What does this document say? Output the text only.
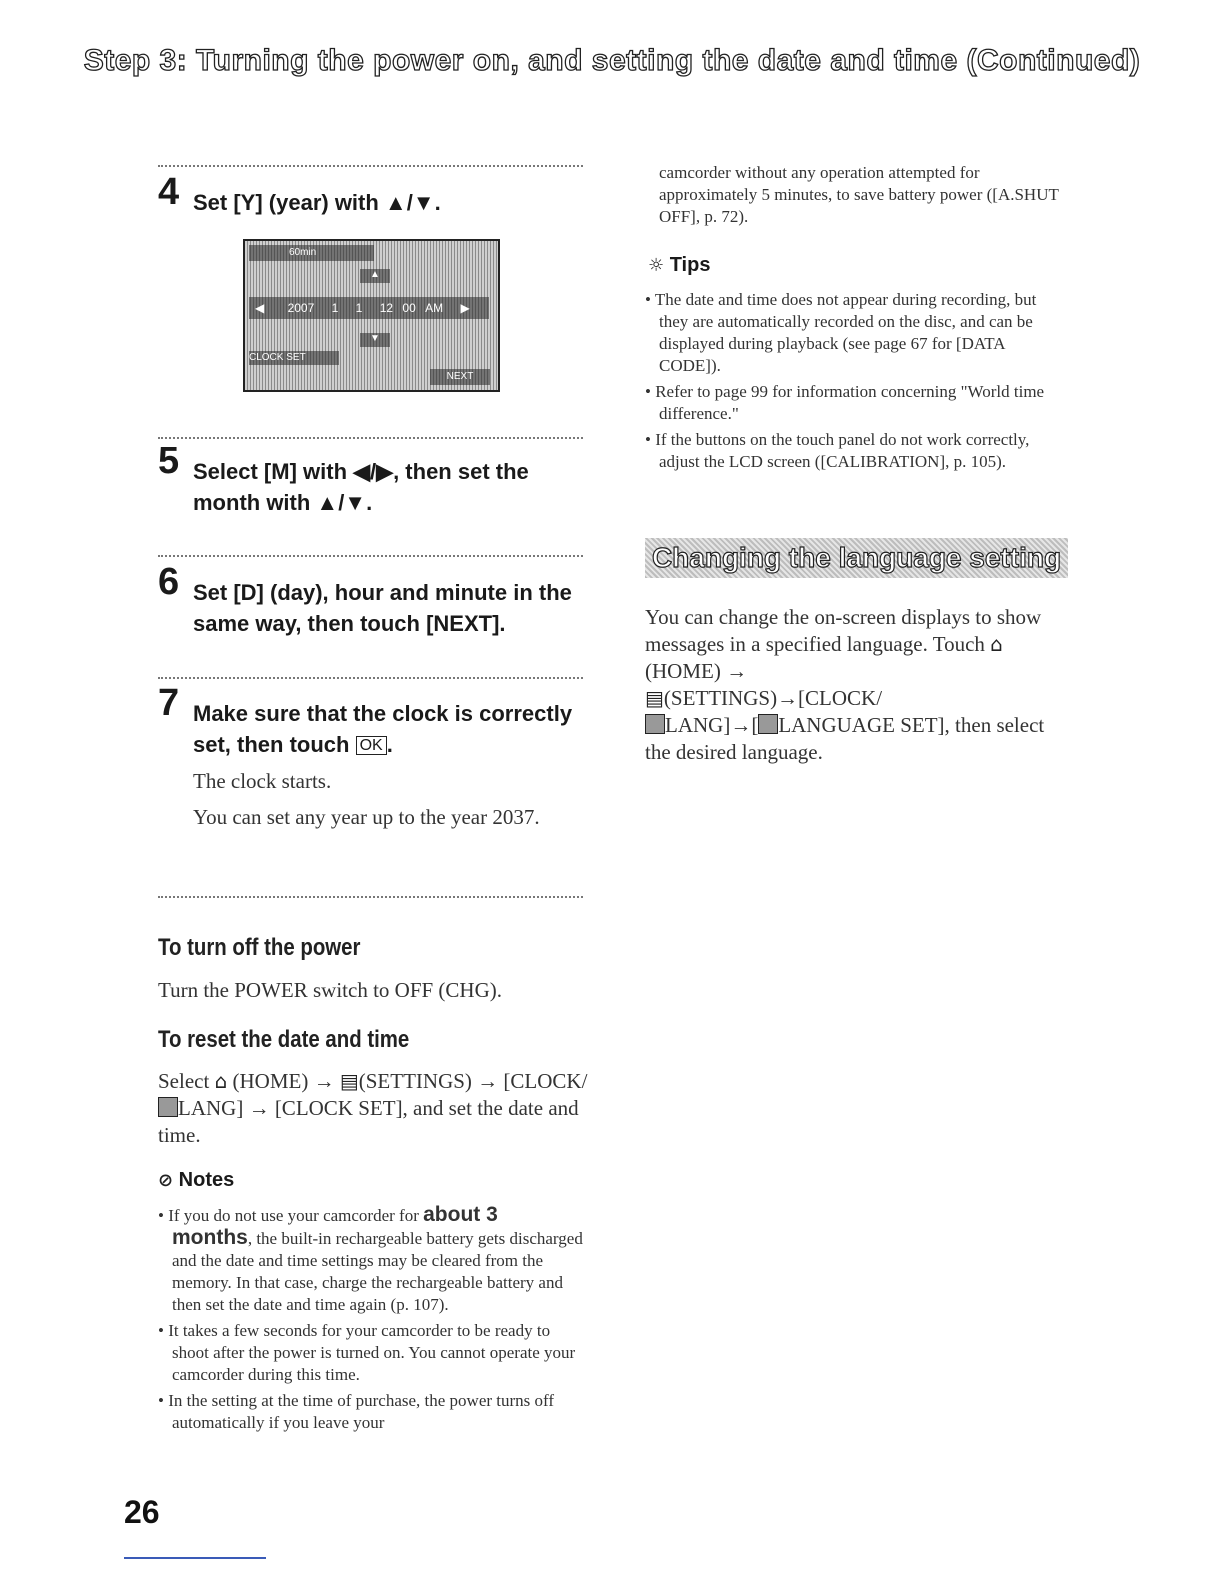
Step 3: Turning the power on, and setting the date and time (Continued)
4 Set [Y] (year) with ▲/▼.
60min
▲
◀ 2007 1 1 12 00 AM ▶
▼
CLOCK SET
NEXT
5 Select [M] with ◀/▶, then set the month with ▲/▼.
6 Set [D] (day), hour and minute in the same way, then touch [NEXT].
7 Make sure that the clock is correctly set, then touch OK .
The clock starts.
You can set any year up to the year 2037.
To turn off the power
Turn the POWER switch to OFF (CHG).
To reset the date and time
Select ⌂ (HOME) → ▤(SETTINGS) → [CLOCK/LANG] → [CLOCK SET], and set the date and time.
⊘ Notes

• If you do not use your camcorder for about 3 months, the built-in rechargeable battery gets discharged and the date and time settings may be cleared from the memory. In that case, charge the rechargeable battery and then set the date and time again (p. 107).

• It takes a few seconds for your camcorder to be ready to shoot after the power is turned on. You cannot operate your camcorder during this time.

• In the setting at the time of purchase, the power turns off automatically if you leave your

camcorder without any operation attempted for approximately 5 minutes, to save battery power ([A.SHUT OFF], p. 72).
☼ Tips

• The date and time does not appear during recording, but they are automatically recorded on the disc, and can be displayed during playback (see page 67 for [DATA CODE]).

• Refer to page 99 for information concerning "World time difference."

• If the buttons on the touch panel do not work correctly, adjust the LCD screen ([CALIBRATION], p. 105).

Changing the language setting
You can change the on-screen displays to show messages in a specified language. Touch ⌂ (HOME) →
▤(SETTINGS)→[CLOCK/
LANG]→[ LANGUAGE SET], then select the desired language.
26
